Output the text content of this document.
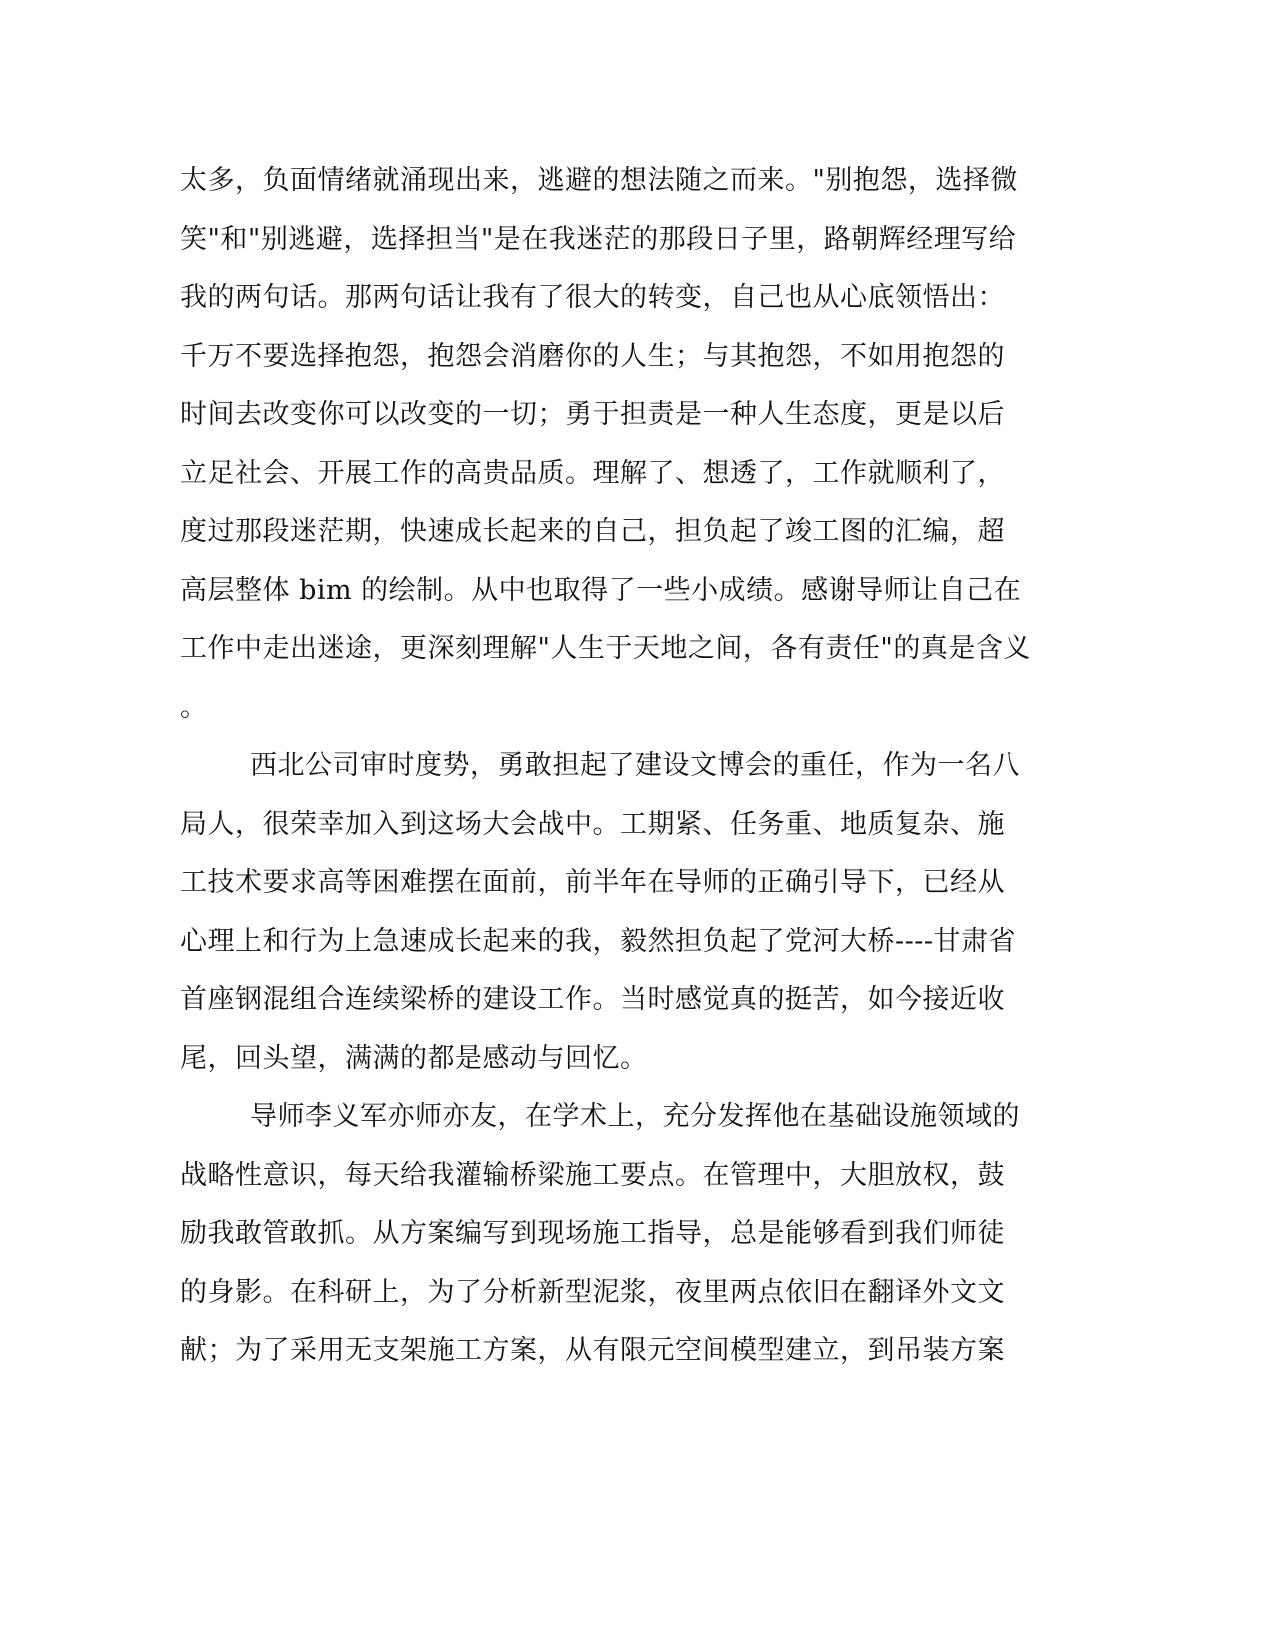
太多，负面情绪就涌现出来，逃避的想法随之而来。"别抱怨，选择微
笑"和"别逃避，选择担当"是在我迷茫的那段日子里，路朝辉经理写给
我的两句话。那两句话让我有了很大的转变，自己也从心底领悟出：
千万不要选择抱怨，抱怨会消磨你的人生；与其抱怨，不如用抱怨的
时间去改变你可以改变的一切；勇于担责是一种人生态度，更是以后
立足社会、开展工作的高贵品质。理解了、想透了，工作就顺利了，
度过那段迷茫期，快速成长起来的自己，担负起了竣工图的汇编，超
高层整体 bim 的绘制。从中也取得了一些小成绩。感谢导师让自己在
工作中走出迷途，更深刻理解"人生于天地之间，各有责任"的真是含义
。
西北公司审时度势，勇敢担起了建设文博会的重任，作为一名八
局人，很荣幸加入到这场大会战中。工期紧、任务重、地质复杂、施
工技术要求高等困难摆在面前，前半年在导师的正确引导下，已经从
心理上和行为上急速成长起来的我，毅然担负起了党河大桥----甘肃省
首座钢混组合连续梁桥的建设工作。当时感觉真的挺苦，如今接近收
尾，回头望，满满的都是感动与回忆。
导师李义军亦师亦友，在学术上，充分发挥他在基础设施领域的
战略性意识，每天给我灌输桥梁施工要点。在管理中，大胆放权，鼓
励我敢管敢抓。从方案编写到现场施工指导，总是能够看到我们师徒
的身影。在科研上，为了分析新型泥浆，夜里两点依旧在翻译外文文
献；为了采用无支架施工方案，从有限元空间模型建立，到吊装方案
